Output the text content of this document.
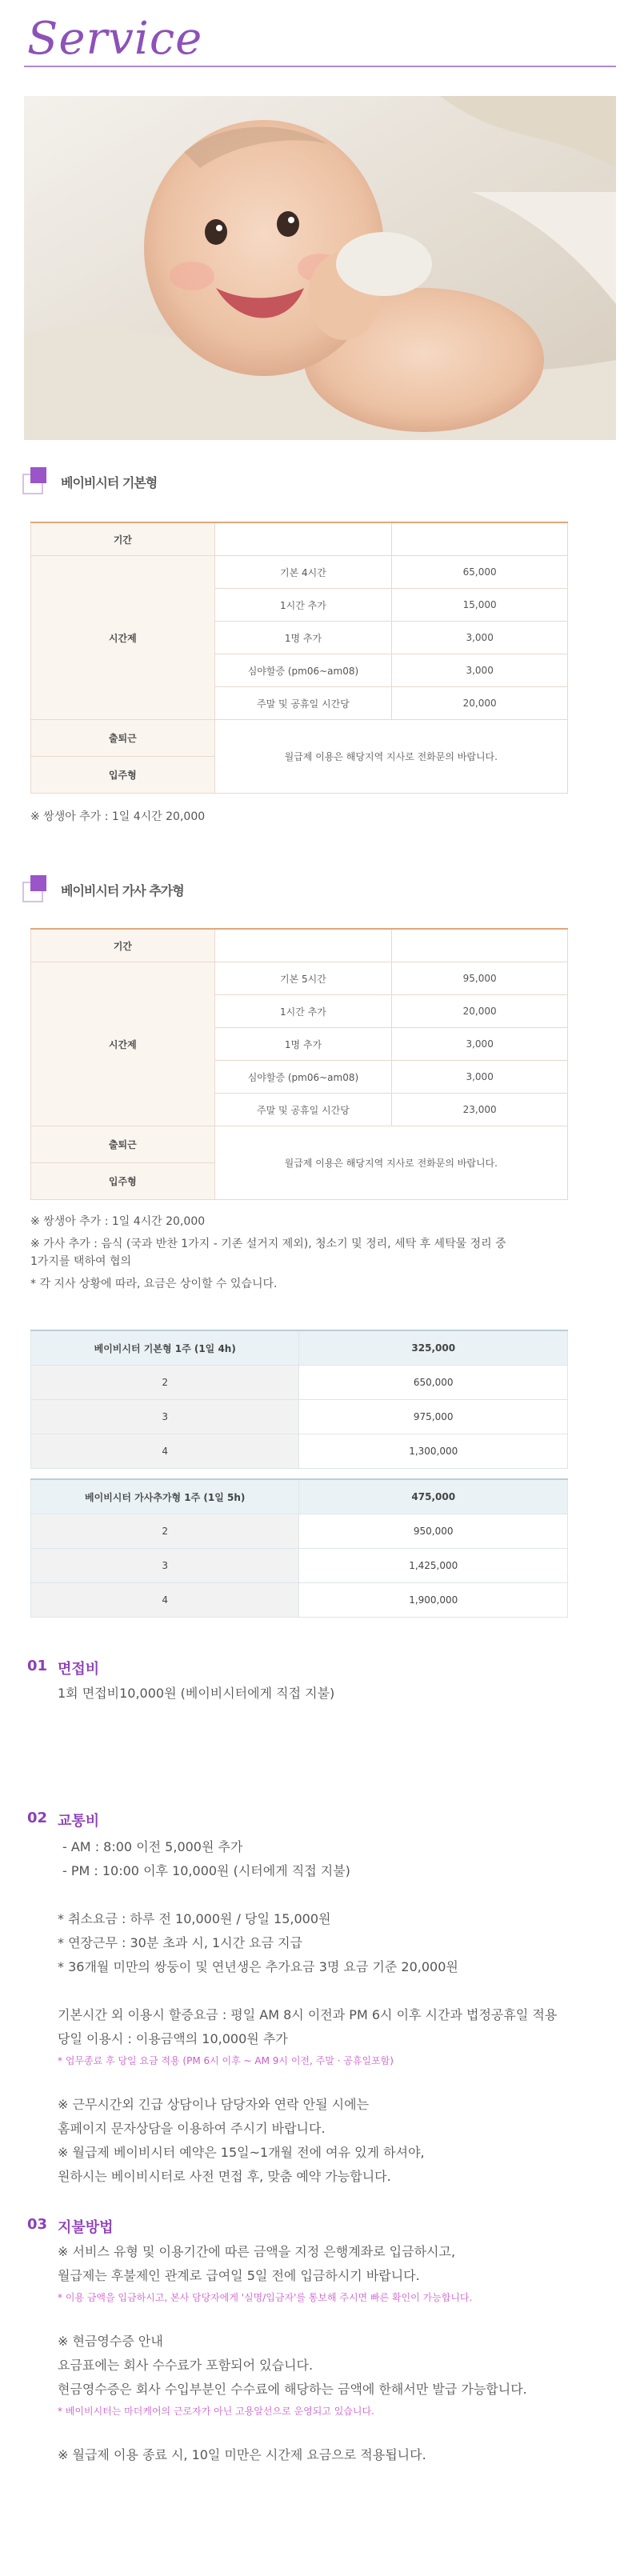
Service
베이비시터 기본형
기간		
시간제	기본 4시간	65,000
	1시간 추가	15,000
	1명 추가	3,000
	심야할증 (pm06~am08)	3,000
	주말 및 공휴일 시간당	20,000
출퇴근	월급제 이용은 해당지역 지사로 전화문의 바랍니다.	
입주형		
※ 쌍생아 추가 : 1일 4시간 20,000
베이비시터 가사 추가형
기간		
시간제	기본 5시간	95,000
	1시간 추가	20,000
	1명 추가	3,000
	심야할증 (pm06~am08)	3,000
	주말 및 공휴일 시간당	23,000
출퇴근	월급제 이용은 해당지역 지사로 전화문의 바랍니다.	
입주형		
※ 쌍생아 추가 : 1일 4시간 20,000
※ 가사 추가 : 음식 (국과 반찬 1가지 - 기존 설거지 제외), 청소기 및 정리, 세탁 후 세탁물 정리 중
1가지를 택하여 협의
* 각 지사 상황에 따라, 요금은 상이할 수 있습니다.
베이비시터 기본형 1주 (1일 4h)	325,000
2	650,000
3	975,000
4	1,300,000
베이비시터 가사추가형 1주 (1일 5h)	475,000
2	950,000
3	1,425,000
4	1,900,000
01 면접비
1회 면접비10,000원 (베이비시터에게 직접 지불)
02 교통비
- AM : 8:00 이전 5,000원 추가
- PM : 10:00 이후 10,000원 (시터에게 직접 지불)
* 취소요금 : 하루 전 10,000원 / 당일 15,000원
* 연장근무 : 30분 초과 시, 1시간 요금 지급
* 36개월 미만의 쌍둥이 및 연년생은 추가요금 3명 요금 기준 20,000원
기본시간 외 이용시 할증요금 : 평일 AM 8시 이전과 PM 6시 이후 시간과 법정공휴일 적용
당일 이용시 : 이용금액의 10,000원 추가
* 업무종료 후 당일 요금 적용 (PM 6시 이후 ~ AM 9시 이전, 주말 · 공휴일포함)
※ 근무시간외 긴급 상담이나 담당자와 연락 안될 시에는
홈페이지 문자상담을 이용하여 주시기 바랍니다.
※ 월급제 베이비시터 예약은 15일~1개월 전에 여유 있게 하셔야,
원하시는 베이비시터로 사전 면접 후, 맞춤 예약 가능합니다.
03 지불방법
※ 서비스 유형 및 이용기간에 따른 금액을 지정 은행계좌로 입금하시고,
월급제는 후불제인 관계로 급여일 5일 전에 입금하시기 바랍니다.
* 이용 금액을 입금하시고, 본사 담당자에게 '실명/입금자'를 통보해 주시면 빠른 확인이 가능합니다.
※ 현금영수증 안내
요금표에는 회사 수수료가 포함되어 있습니다.
현금영수증은 회사 수입부분인 수수료에 해당하는 금액에 한해서만 발급 가능합니다.
* 베이비시터는 마더케어의 근로자가 아닌 고용알선으로 운영되고 있습니다.
※ 월급제 이용 종료 시, 10일 미만은 시간제 요금으로 적용됩니다.
